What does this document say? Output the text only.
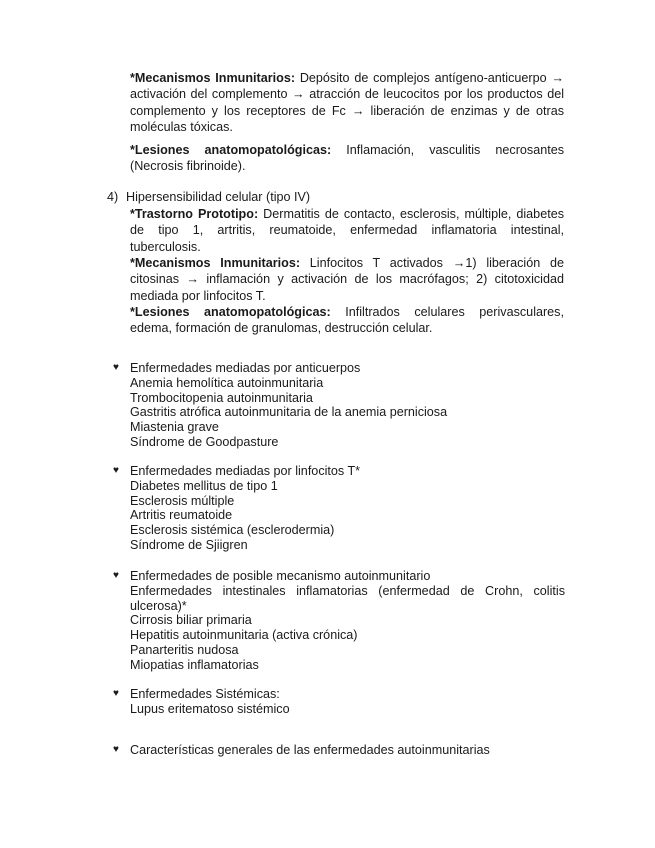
*Mecanismos Inmunitarios: Depósito de complejos antígeno-anticuerpo →
activación del complemento → atracción de leucocitos por los productos del
complemento y los receptores de Fc → liberación de enzimas y de otras
moléculas tóxicas.
*Lesiones anatomopatológicas: Inflamación, vasculitis necrosantes
(Necrosis fibrinoide).
4) Hipersensibilidad celular (tipo IV)
*Trastorno Prototipo: Dermatitis de contacto, esclerosis, múltiple, diabetes
de tipo 1, artritis, reumatoide, enfermedad inflamatoria intestinal,
tuberculosis.
*Mecanismos Inmunitarios: Linfocitos T activados →1) liberación de
citosinas → inflamación y activación de los macrófagos; 2) citotoxicidad
mediada por linfocitos T.
*Lesiones anatomopatológicas: Infiltrados celulares perivasculares,
edema, formación de granulomas, destrucción celular.
♥ Enfermedades mediadas por anticuerpos
Anemia hemolítica autoinmunitaria
Trombocitopenia autoinmunitaria
Gastritis atrófica autoinmunitaria de la anemia perniciosa
Miastenia grave
Síndrome de Goodpasture
♥ Enfermedades mediadas por linfocitos T*
Diabetes mellitus de tipo 1
Esclerosis múltiple
Artritis reumatoide
Esclerosis sistémica (esclerodermia)
Síndrome de Sjiigren
♥ Enfermedades de posible mecanismo autoinmunitario
Enfermedades intestinales inflamatorias (enfermedad de Crohn, colitis
ulcerosa)*
Cirrosis biliar primaria
Hepatitis autoinmunitaria (activa crónica)
Panarteritis nudosa
Miopatias inflamatorias
♥ Enfermedades Sistémicas:
Lupus eritematoso sistémico
♥ Características generales de las enfermedades autoinmunitarias
